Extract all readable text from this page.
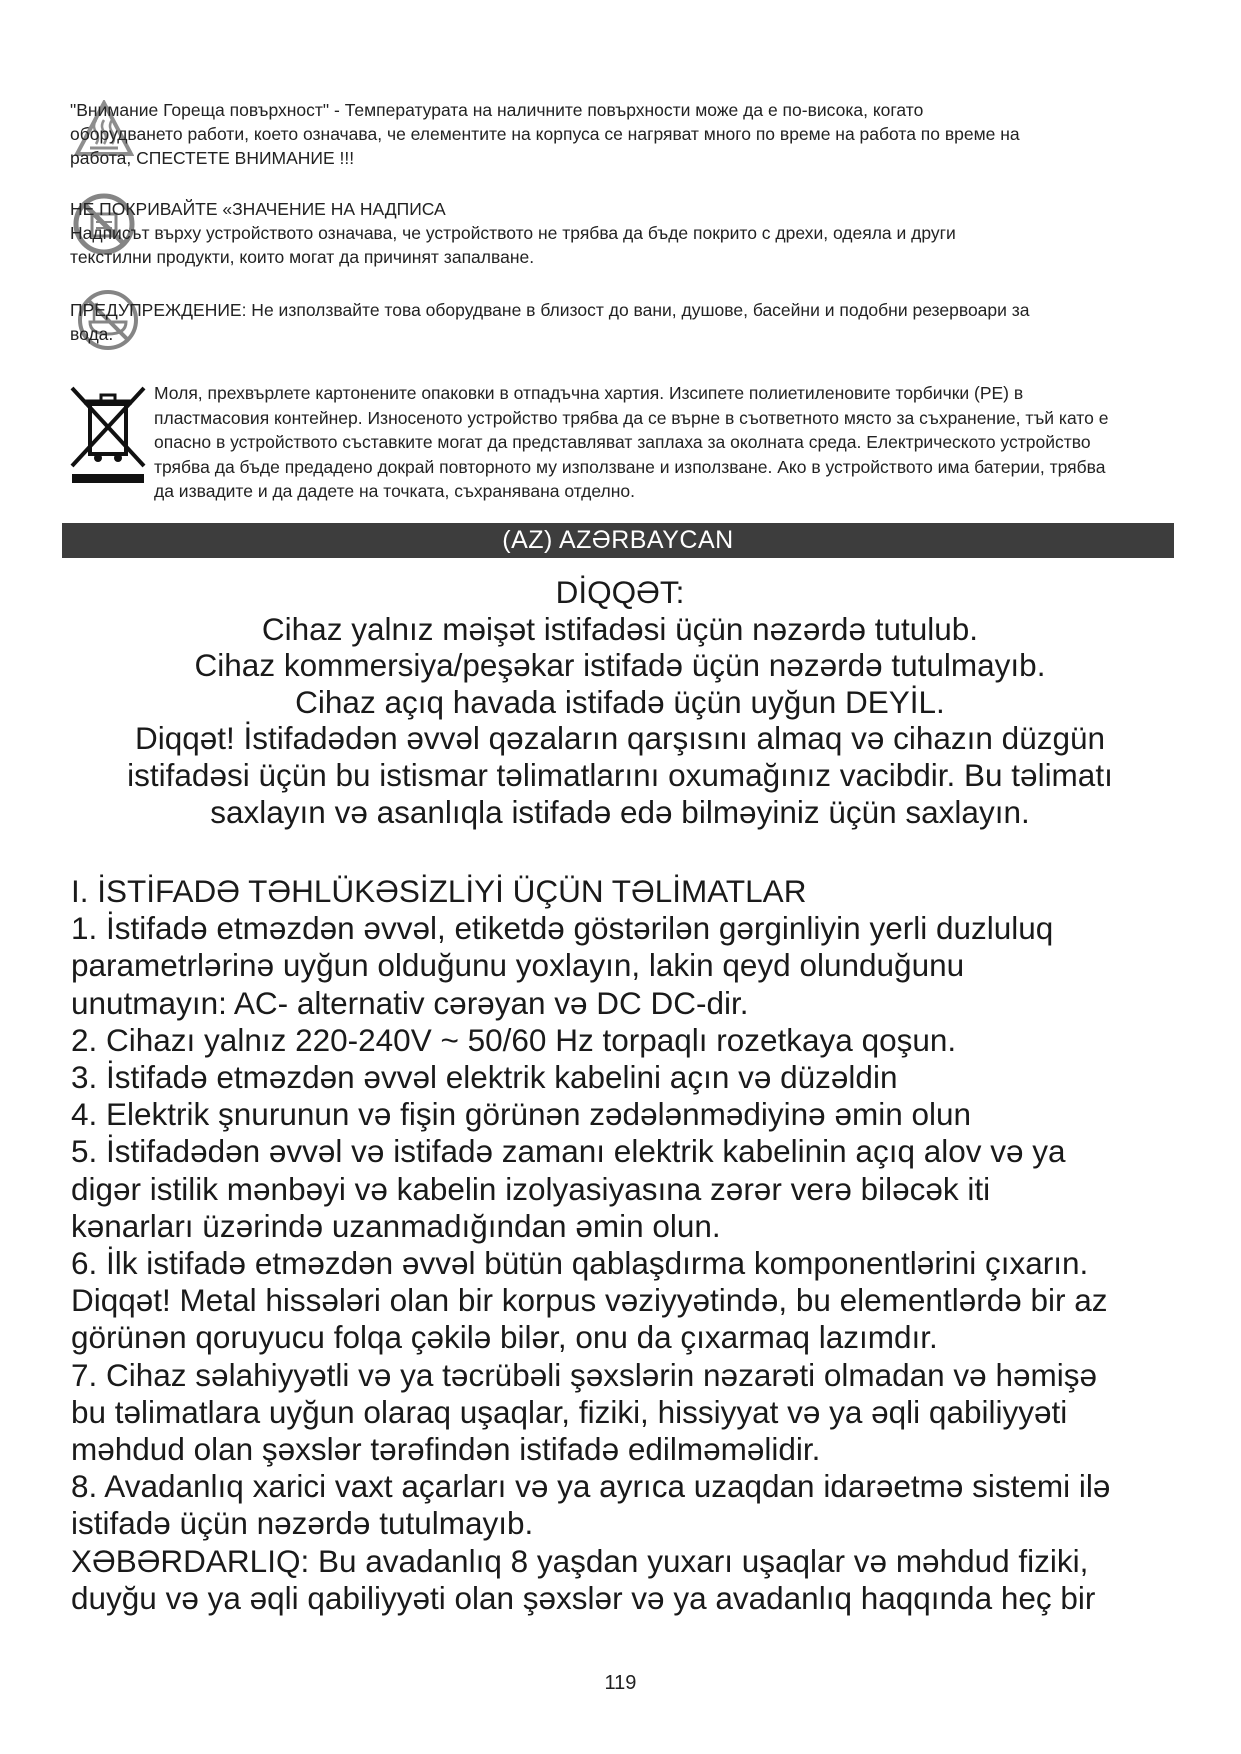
"Внимание Гореща повърхност" - Температурата на наличните повърхности може да е по-висока, когато
оборудването работи, което означава, че елементите на корпуса се нагряват много по време на работа по време на
работа, СПЕСТЕТЕ ВНИМАНИЕ !!!
НЕ ПОКРИВАЙТЕ «ЗНАЧЕНИЕ НА НАДПИСА
Надписът върху устройството означава, че устройството не трябва да бъде покрито с дрехи, одеяла и други
текстилни продукти, които могат да причинят запалване.
ПРЕДУПРЕЖДЕНИЕ: Не използвайте това оборудване в близост до вани, душове, басейни и подобни резервоари за
вода.
Моля, прехвърлете картонените опаковки в отпадъчна хартия. Изсипете полиетиленовите торбички (PE) в
пластмасовия контейнер. Износеното устройство трябва да се върне в съответното място за съхранение, тъй като е
опасно в устройството съставките могат да представляват заплаха за околната среда. Електрическото устройство
трябва да бъде предадено докрай повторното му използване и използване. Ако в устройството има батерии, трябва
да извадите и да дадете на точката, съхранявана отделно.
(AZ) AZƏRBAYCAN
DİQQƏT:
Cihaz yalnız məişət istifadəsi üçün nəzərdə tutulub.
Cihaz kommersiya/peşəkar istifadə üçün nəzərdə tutulmayıb.
Cihaz açıq havada istifadə üçün uyğun DEYİL.
Diqqət! İstifadədən əvvəl qəzaların qarşısını almaq və cihazın düzgün
istifadəsi üçün bu istismar təlimatlarını oxumağınız vacibdir. Bu təlimatı
saxlayın və asanlıqla istifadə edə bilməyiniz üçün saxlayın.
I. İSTİFADƏ TƏHLÜKƏSİZLİYİ ÜÇÜN TƏLİMATLAR
1. İstifadə etməzdən əvvəl, etiketdə göstərilən gərginliyin yerli duzluluq
parametrlərinə uyğun olduğunu yoxlayın, lakin qeyd olunduğunu
unutmayın: AC- alternativ cərəyan və DC DC-dir.
2. Cihazı yalnız 220-240V ~ 50/60 Hz torpaqlı rozetkaya qoşun.
3. İstifadə etməzdən əvvəl elektrik kabelini açın və düzəldin
4. Elektrik şnurunun və fişin görünən zədələnmədiyinə əmin olun
5. İstifadədən əvvəl və istifadə zamanı elektrik kabelinin açıq alov və ya
digər istilik mənbəyi və kabelin izolyasiyasına zərər verə biləcək iti
kənarları üzərində uzanmadığından əmin olun.
6. İlk istifadə etməzdən əvvəl bütün qablaşdırma komponentlərini çıxarın.
Diqqət! Metal hissələri olan bir korpus vəziyyətində, bu elementlərdə bir az
görünən qoruyucu folqa çəkilə bilər, onu da çıxarmaq lazımdır.
7. Cihaz səlahiyyətli və ya təcrübəli şəxslərin nəzarəti olmadan və həmişə
bu təlimatlara uyğun olaraq uşaqlar, fiziki, hissiyyat və ya əqli qabiliyyəti
məhdud olan şəxslər tərəfindən istifadə edilməməlidir.
8. Avadanlıq xarici vaxt açarları və ya ayrıca uzaqdan idarəetmə sistemi ilə
istifadə üçün nəzərdə tutulmayıb.
XƏBƏRDARLIQ: Bu avadanlıq 8 yaşdan yuxarı uşaqlar və məhdud fiziki,
duyğu və ya əqli qabiliyyəti olan şəxslər və ya avadanlıq haqqında heç bir
119
